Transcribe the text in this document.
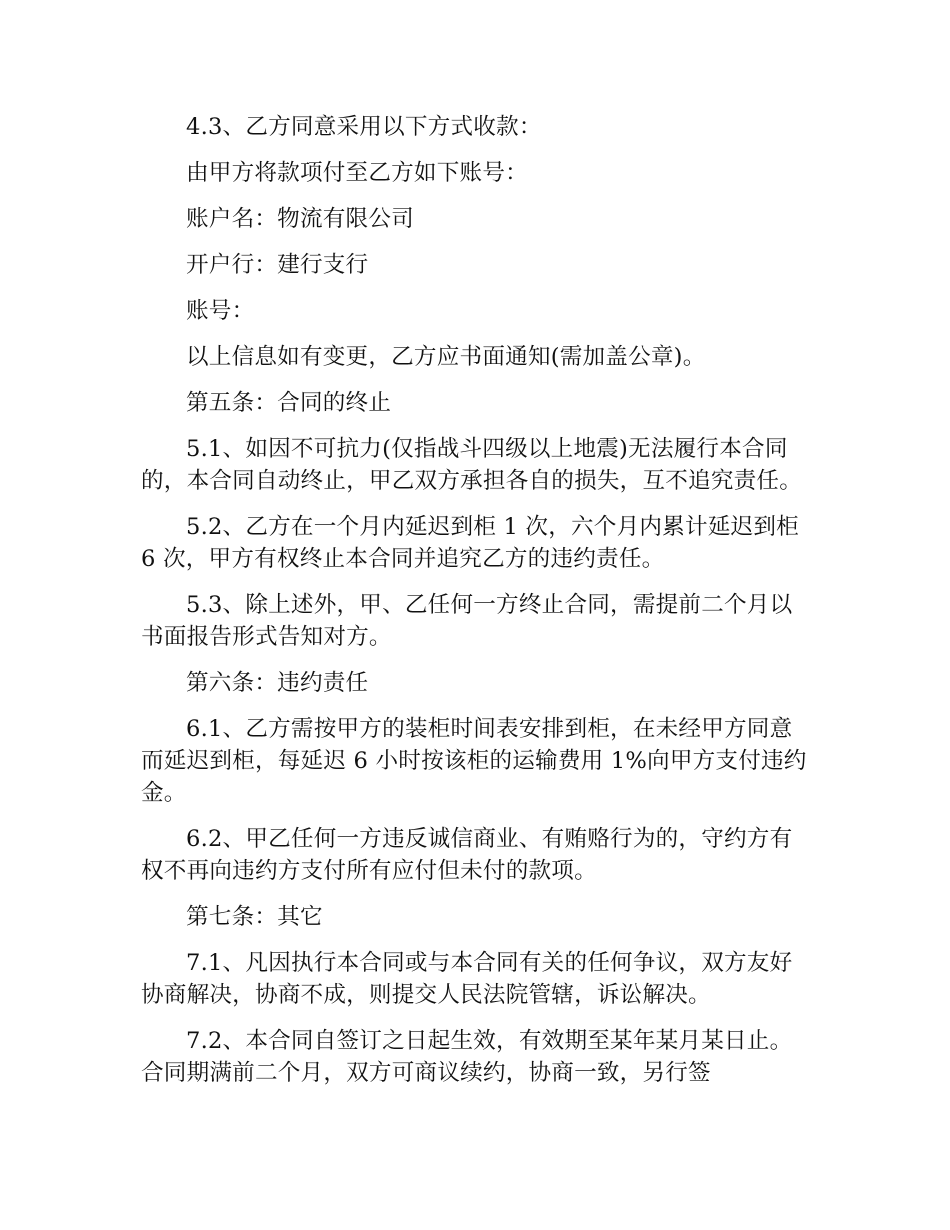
4.3、乙方同意采用以下方式收款：

由甲方将款项付至乙方如下账号：

账户名：物流有限公司

开户行：建行支行

账号：

以上信息如有变更，乙方应书面通知(需加盖公章)。

第五条：合同的终止

5.1、如因不可抗力(仅指战斗四级以上地震)无法履行本合同的，本合同自动终止，甲乙双方承担各自的损失，互不追究责任。

5.2、乙方在一个月内延迟到柜 1 次，六个月内累计延迟到柜 6 次，甲方有权终止本合同并追究乙方的违约责任。

5.3、除上述外，甲、乙任何一方终止合同，需提前二个月以书面报告形式告知对方。

第六条：违约责任

6.1、乙方需按甲方的装柜时间表安排到柜，在未经甲方同意而延迟到柜，每延迟 6 小时按该柜的运输费用 1%向甲方支付违约金。

6.2、甲乙任何一方违反诚信商业、有贿赂行为的，守约方有权不再向违约方支付所有应付但未付的款项。

第七条：其它

7.1、凡因执行本合同或与本合同有关的任何争议，双方友好协商解决，协商不成，则提交人民法院管辖，诉讼解决。

7.2、本合同自签订之日起生效，有效期至某年某月某日止。合同期满前二个月，双方可商议续约，协商一致，另行签
